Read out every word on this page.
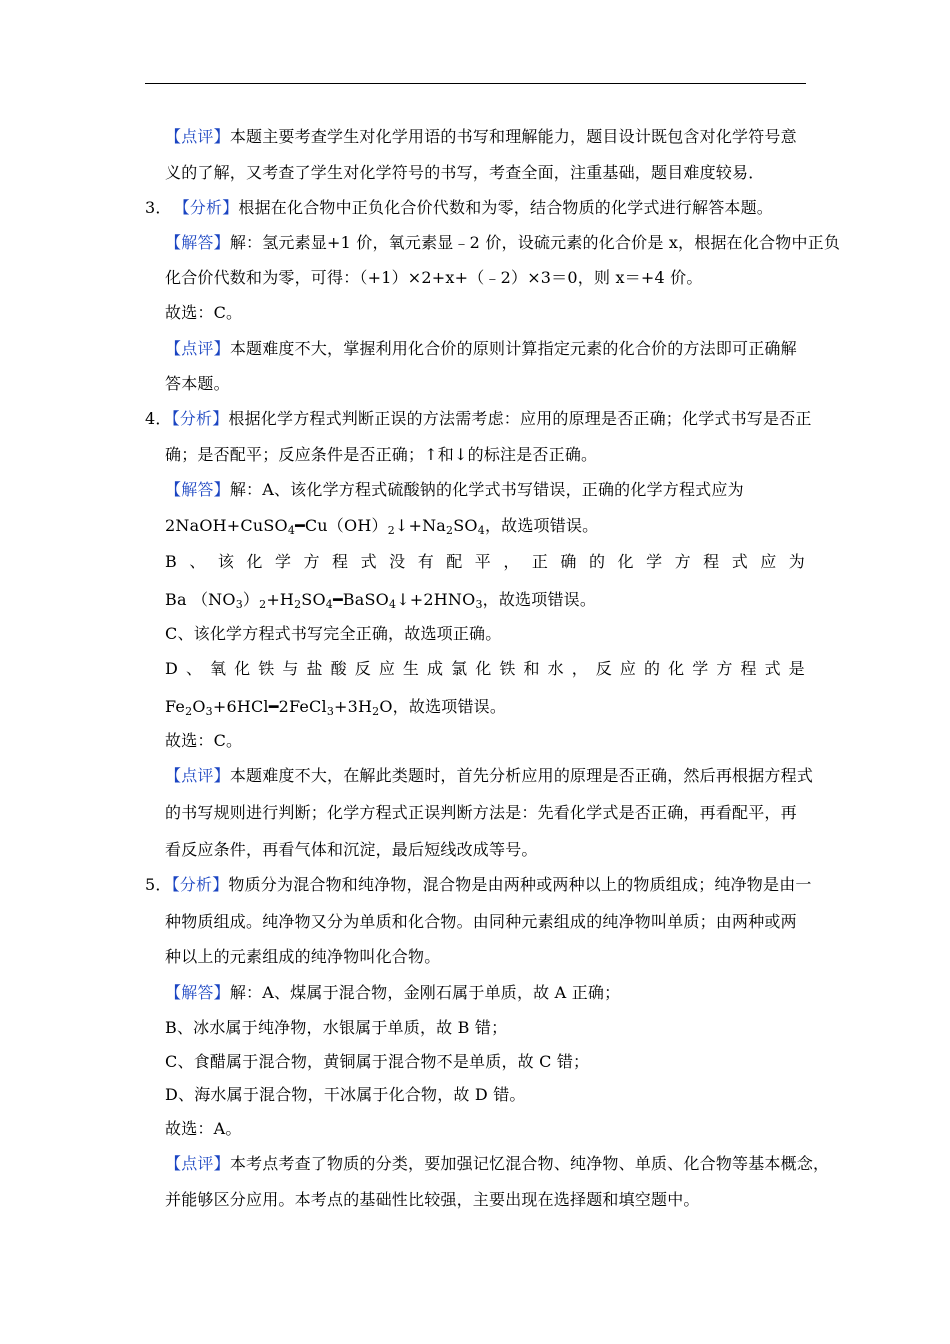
【点评】本题主要考查学生对化学用语的书写和理解能力，题目设计既包含对化学符号意
义的了解，又考查了学生对化学符号的书写，考查全面，注重基础，题目难度较易．
3． 【分析】根据在化合物中正负化合价代数和为零，结合物质的化学式进行解答本题。
【解答】解：氢元素显+1 价，氧元素显﹣2 价，设硫元素的化合价是 x，根据在化合物中正负
化合价代数和为零，可得：（+1）×2+x+（﹣2）×3＝0，则 x＝+4 价。
故选：C。
【点评】本题难度不大，掌握利用化合价的原则计算指定元素的化合价的方法即可正确解
答本题。
4．【分析】根据化学方程式判断正误的方法需考虑：应用的原理是否正确；化学式书写是否正
确；是否配平；反应条件是否正确；↑和↓的标注是否正确。
【解答】解：A、该化学方程式硫酸钠的化学式书写错误，正确的化学方程式应为
$2NaOH+CuSO_4━Cu(OH)_2↓+Na_2SO_4$，故选项错误。
B 、 该 化 学 方 程 式 没 有 配 平 ， 正 确 的 化 学 方 程 式 应 为
Ba $(NO_3)_2+H_2SO_4━BaSO_4↓+2HNO_3$，故选项错误。
C、该化学方程式书写完全正确，故选项正确。
D 、 氧 化 铁 与 盐 酸 反 应 生 成 氯 化 铁 和 水 ， 反 应 的 化 学 方 程 式 是
$Fe_2O_3+6HCl━2FeCl_3+3H_2O$，故选项错误。
故选：C。
【点评】本题难度不大，在解此类题时，首先分析应用的原理是否正确，然后再根据方程式
的书写规则进行判断；化学方程式正误判断方法是：先看化学式是否正确，再看配平，再
看反应条件，再看气体和沉淀，最后短线改成等号。
5．【分析】物质分为混合物和纯净物，混合物是由两种或两种以上的物质组成；纯净物是由一
种物质组成。纯净物又分为单质和化合物。由同种元素组成的纯净物叫单质；由两种或两
种以上的元素组成的纯净物叫化合物。
【解答】解：A、煤属于混合物，金刚石属于单质，故 A 正确；
B、冰水属于纯净物，水银属于单质，故 B 错；
C、食醋属于混合物，黄铜属于混合物不是单质，故 C 错；
D、海水属于混合物，干冰属于化合物，故 D 错。
故选：A。
【点评】本考点考查了物质的分类，要加强记忆混合物、纯净物、单质、化合物等基本概念，
并能够区分应用。本考点的基础性比较强，主要出现在选择题和填空题中。
